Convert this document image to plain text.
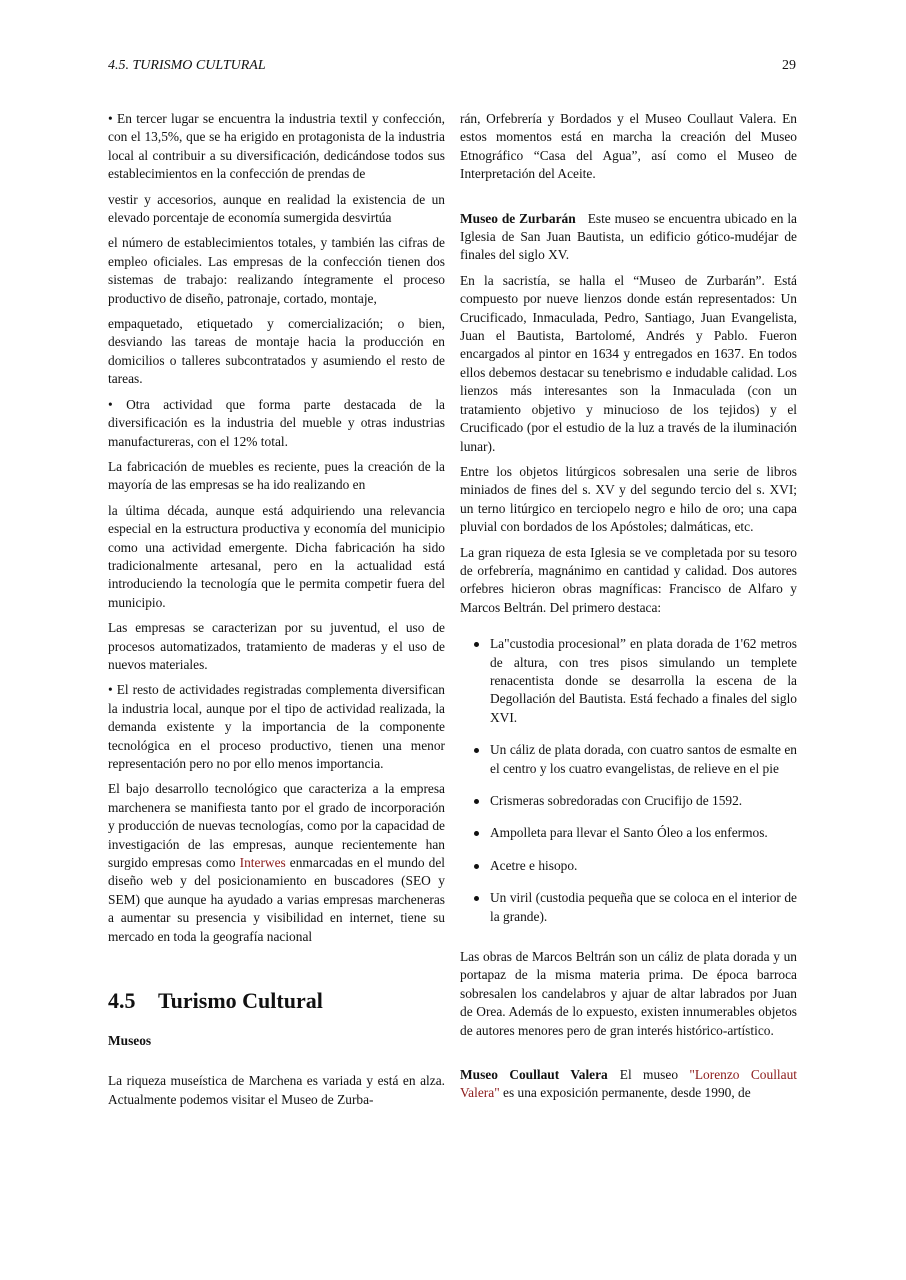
4.5. TURISMO CULTURAL	29

• En tercer lugar se encuentra la industria textil y confección, con el 13,5%, que se ha erigido en protagonista de la industria local al contribuir a su diversificación, dedicándose todos sus establecimientos en la confección de prendas de

vestir y accesorios, aunque en realidad la existencia de un elevado porcentaje de economía sumergida desvirtúa

el número de establecimientos totales, y también las cifras de empleo oficiales. Las empresas de la confección tienen dos sistemas de trabajo: realizando íntegramente el proceso productivo de diseño, patronaje, cortado, montaje,

empaquetado, etiquetado y comercialización; o bien, desviando las tareas de montaje hacia la producción en domicilios o talleres subcontratados y asumiendo el resto de tareas.

• Otra actividad que forma parte destacada de la diversificación es la industria del mueble y otras industrias manufactureras, con el 12% total.

La fabricación de muebles es reciente, pues la creación de la mayoría de las empresas se ha ido realizando en

la última década, aunque está adquiriendo una relevancia especial en la estructura productiva y economía del municipio como una actividad emergente. Dicha fabricación ha sido tradicionalmente artesanal, pero en la actualidad está introduciendo la tecnología que le permita competir fuera del municipio.

Las empresas se caracterizan por su juventud, el uso de procesos automatizados, tratamiento de maderas y el uso de nuevos materiales.

• El resto de actividades registradas complementa diversifican la industria local, aunque por el tipo de actividad realizada, la demanda existente y la importancia de la componente tecnológica en el proceso productivo, tienen una menor representación pero no por ello menos importancia.

El bajo desarrollo tecnológico que caracteriza a la empresa marchenera se manifiesta tanto por el grado de incorporación y producción de nuevas tecnologías, como por la capacidad de investigación de las empresas, aunque recientemente han surgido empresas como Interwes enmarcadas en el mundo del diseño web y del posicionamiento en buscadores (SEO y SEM) que aunque ha ayudado a varias empresas marcheneras a aumentar su presencia y visibilidad en internet, tiene su mercado en toda la geografía nacional

4.5 Turismo Cultural
Museos

La riqueza museística de Marchena es variada y está en alza. Actualmente podemos visitar el Museo de Zurba-

rán, Orfebrería y Bordados y el Museo Coullaut Valera. En estos momentos está en marcha la creación del Museo Etnográfico “Casa del Agua”, así como el Museo de Interpretación del Aceite.

Museo de Zurbarán Este museo se encuentra ubicado en la Iglesia de San Juan Bautista, un edificio gótico-mudéjar de finales del siglo XV.

En la sacristía, se halla el “Museo de Zurbarán”. Está compuesto por nueve lienzos donde están representados: Un Crucificado, Inmaculada, Pedro, Santiago, Juan Evangelista, Juan el Bautista, Bartolomé, Andrés y Pablo. Fueron encargados al pintor en 1634 y entregados en 1637. En todos ellos debemos destacar su tenebrismo e indudable calidad. Los lienzos más interesantes son la Inmaculada (con un tratamiento objetivo y minucioso de los tejidos) y el Crucificado (por el estudio de la luz a través de la iluminación lunar).

Entre los objetos litúrgicos sobresalen una serie de libros miniados de fines del s. XV y del segundo tercio del s. XVI; un terno litúrgico en terciopelo negro e hilo de oro; una capa pluvial con bordados de los Apóstoles; dalmáticas, etc.

La gran riqueza de esta Iglesia se ve completada por su tesoro de orfebrería, magnánimo en cantidad y calidad. Dos autores orfebres hicieron obras magníficas: Francisco de Alfaro y Marcos Beltrán. Del primero destaca:

La"custodia procesional” en plata dorada de 1'62 metros de altura, con tres pisos simulando un templete renacentista donde se desarrolla la escena de la Degollación del Bautista. Está fechado a finales del siglo XVI.
Un cáliz de plata dorada, con cuatro santos de esmalte en el centro y los cuatro evangelistas, de relieve en el pie
Crismeras sobredoradas con Crucifijo de 1592.
Ampolleta para llevar el Santo Óleo a los enfermos.
Acetre e hisopo.
Un viril (custodia pequeña que se coloca en el interior de la grande).

Las obras de Marcos Beltrán son un cáliz de plata dorada y un portapaz de la misma materia prima. De época barroca sobresalen los candelabros y ajuar de altar labrados por Juan de Orea. Además de lo expuesto, existen innumerables objetos de autores menores pero de gran interés histórico-artístico.

Museo Coullaut Valera El museo "Lorenzo Coullaut Valera" es una exposición permanente, desde 1990, de
